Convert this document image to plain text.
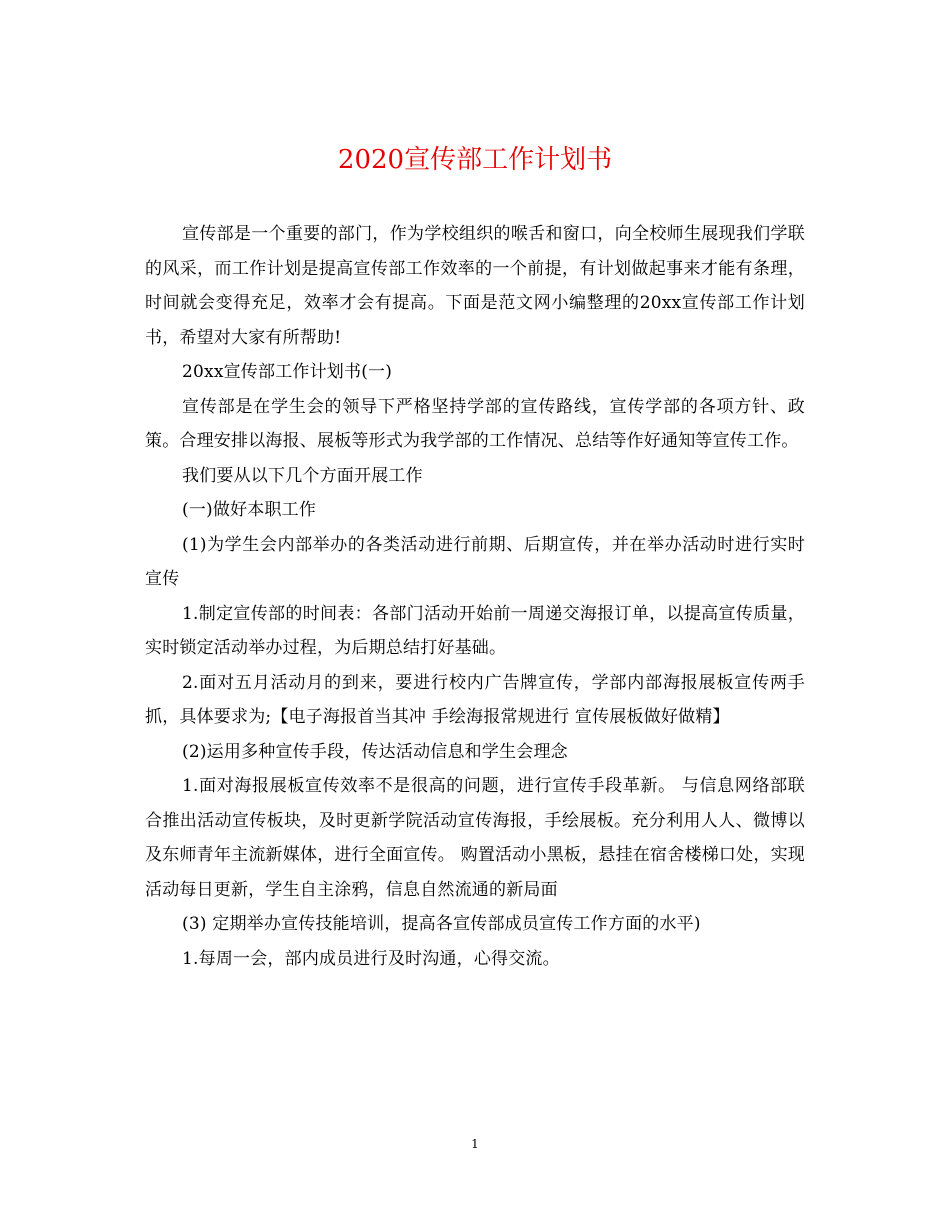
2020宣传部工作计划书

宣传部是一个重要的部门，作为学校组织的喉舌和窗口，向全校师生展现我们学联的风采，而工作计划是提高宣传部工作效率的一个前提，有计划做起事来才能有条理，时间就会变得充足，效率才会有提高。下面是范文网小编整理的20xx宣传部工作计划书，希望对大家有所帮助!

20xx宣传部工作计划书(一)

宣传部是在学生会的领导下严格坚持学部的宣传路线，宣传学部的各项方针、政策。合理安排以海报、展板等形式为我学部的工作情况、总结等作好通知等宣传工作。

我们要从以下几个方面开展工作

(一)做好本职工作

(1)为学生会内部举办的各类活动进行前期、后期宣传，并在举办活动时进行实时宣传

1.制定宣传部的时间表：各部门活动开始前一周递交海报订单，以提高宣传质量，实时锁定活动举办过程，为后期总结打好基础。

2.面对五月活动月的到来，要进行校内广告牌宣传，学部内部海报展板宣传两手抓，具体要求为;【电子海报首当其冲 手绘海报常规进行 宣传展板做好做精】

(2)运用多种宣传手段，传达活动信息和学生会理念

1.面对海报展板宣传效率不是很高的问题，进行宣传手段革新。 与信息网络部联合推出活动宣传板块，及时更新学院活动宣传海报，手绘展板。充分利用人人、微博以及东师青年主流新媒体，进行全面宣传。 购置活动小黑板，悬挂在宿舍楼梯口处，实现活动每日更新，学生自主涂鸦，信息自然流通的新局面

(3) 定期举办宣传技能培训，提高各宣传部成员宣传工作方面的水平)

1.每周一会，部内成员进行及时沟通，心得交流。

1
